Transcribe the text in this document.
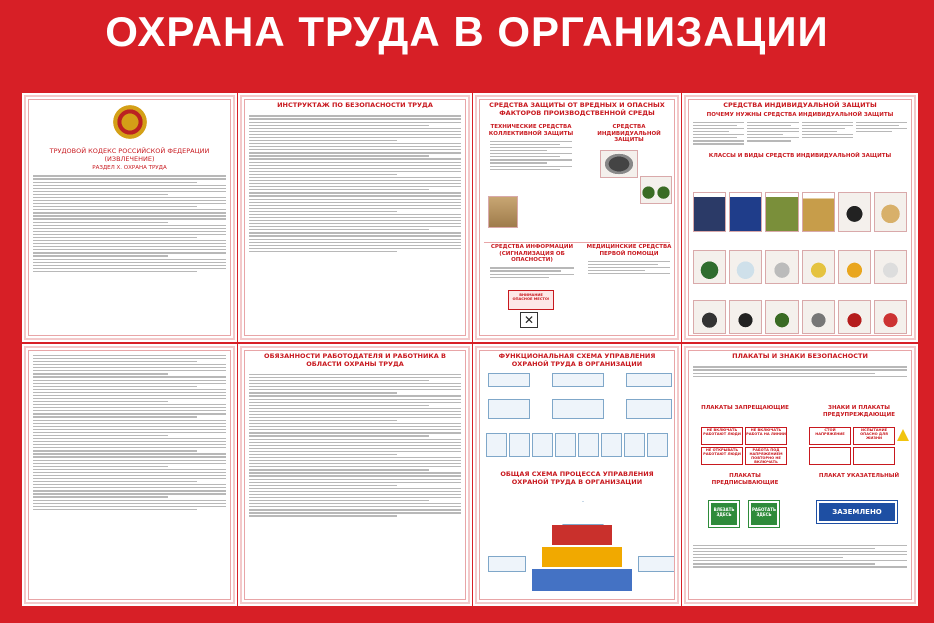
ОХРАНА ТРУДА В ОРГАНИЗАЦИИ
ТРУДОВОЙ КОДЕКС РОССИЙСКОЙ ФЕДЕРАЦИИ (ИЗВЛЕЧЕНИЕ)
РАЗДЕЛ X. ОХРАНА ТРУДА
ИНСТРУКТАЖ ПО БЕЗОПАСНОСТИ ТРУДА	СРЕДСТВА ЗАЩИТЫ ОТ ВРЕДНЫХ И ОПАСНЫХ ФАКТОРОВ ПРОИЗВОДСТВЕННОЙ СРЕДЫ
ТЕХНИЧЕСКИЕ СРЕДСТВА КОЛЛЕКТИВНОЙ ЗАЩИТЫ
СРЕДСТВА ИНДИВИДУАЛЬНОЙ ЗАЩИТЫ
СРЕДСТВА ИНФОРМАЦИИ (СИГНАЛИЗАЦИЯ ОБ ОПАСНОСТИ)
МЕДИЦИНСКИЕ СРЕДСТВА ПЕРВОЙ ПОМОЩИ
ВНИМАНИЕ ОПАСНОЕ МЕСТО!
✕
СРЕДСТВА ИНДИВИДУАЛЬНОЙ ЗАЩИТЫ
ПОЧЕМУ НУЖНЫ СРЕДСТВА ИНДИВИДУАЛЬНОЙ ЗАЩИТЫ
КЛАССЫ И ВИДЫ СРЕДСТВ ИНДИВИДУАЛЬНОЙ ЗАЩИТЫ
ОБЯЗАННОСТИ РАБОТОДАТЕЛЯ И РАБОТНИКА В ОБЛАСТИ ОХРАНЫ ТРУДА
ФУНКЦИОНАЛЬНАЯ СХЕМА УПРАВЛЕНИЯ ОХРАНОЙ ТРУДА В ОРГАНИЗАЦИИ
ОБЩАЯ СХЕМА ПРОЦЕССА УПРАВЛЕНИЯ ОХРАНОЙ ТРУДА В ОРГАНИЗАЦИИ
ПЛАКАТЫ И ЗНАКИ БЕЗОПАСНОСТИ
ПЛАКАТЫ ЗАПРЕЩАЮЩИЕ	ЗНАКИ И ПЛАКАТЫ ПРЕДУПРЕЖДАЮЩИЕ
НЕ ВКЛЮЧАТЬ РАБОТАЮТ ЛЮДИ
НЕ ВКЛЮЧАТЬ РАБОТА НА ЛИНИИ
НЕ ОТКРЫВАТЬ РАБОТАЮТ ЛЮДИ
РАБОТА ПОД НАПРЯЖЕНИЕМ ПОВТОРНО НЕ ВКЛЮЧАТЬ
СТОЙ НАПРЯЖЕНИЕ
ИСПЫТАНИЕ ОПАСНО ДЛЯ ЖИЗНИ
ПЛАКАТЫ ПРЕДПИСЫВАЮЩИЕ
ПЛАКАТ УКАЗАТЕЛЬНЫЙ
ВЛЕЗАТЬ ЗДЕСЬ
РАБОТАТЬ ЗДЕСЬ	ЗАЗЕМЛЕНО
